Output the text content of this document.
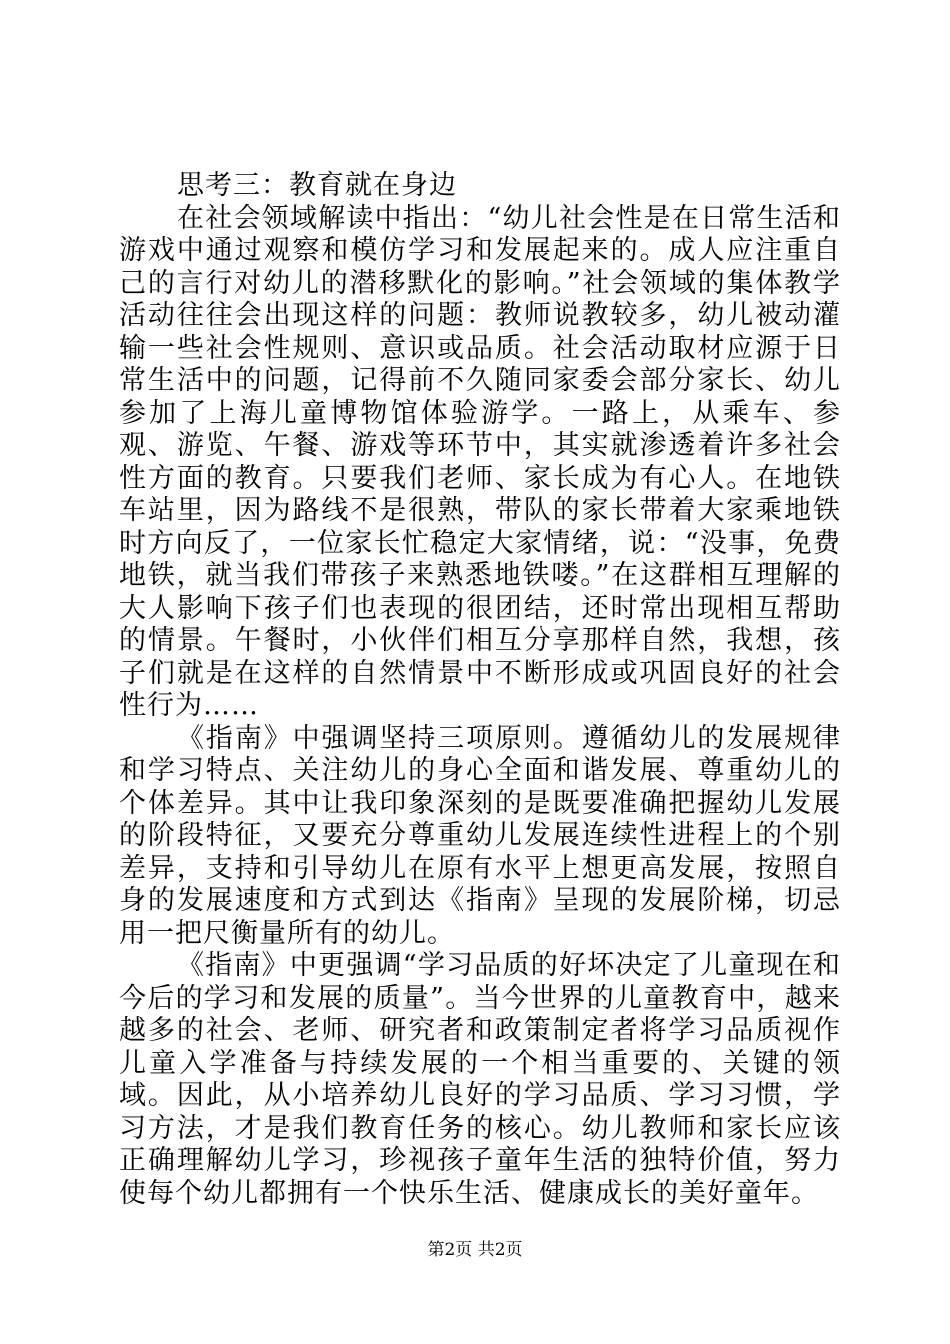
思考三：教育就在身边

在社会领域解读中指出：“幼儿社会性是在日常生活和游戏中通过观察和模仿学习和发展起来的。成人应注重自己的言行对幼儿的潜移默化的影响。”社会领域的集体教学活动往往会出现这样的问题：教师说教较多，幼儿被动灌输一些社会性规则、意识或品质。社会活动取材应源于日常生活中的问题，记得前不久随同家委会部分家长、幼儿参加了上海儿童博物馆体验游学。一路上，从乘车、参观、游览、午餐、游戏等环节中，其实就渗透着许多社会性方面的教育。只要我们老师、家长成为有心人。在地铁车站里，因为路线不是很熟，带队的家长带着大家乘地铁时方向反了，一位家长忙稳定大家情绪，说：“没事，免费地铁，就当我们带孩子来熟悉地铁喽。”在这群相互理解的大人影响下孩子们也表现的很团结，还时常出现相互帮助的情景。午餐时，小伙伴们相互分享那样自然，我想，孩子们就是在这样的自然情景中不断形成或巩固良好的社会性行为……

《指南》中强调坚持三项原则。遵循幼儿的发展规律和学习特点、关注幼儿的身心全面和谐发展、尊重幼儿的个体差异。其中让我印象深刻的是既要准确把握幼儿发展的阶段特征，又要充分尊重幼儿发展连续性进程上的个别差异，支持和引导幼儿在原有水平上想更高发展，按照自身的发展速度和方式到达《指南》呈现的发展阶梯，切忌用一把尺衡量所有的幼儿。

《指南》中更强调“学习品质的好坏决定了儿童现在和今后的学习和发展的质量”。当今世界的儿童教育中，越来越多的社会、老师、研究者和政策制定者将学习品质视作儿童入学准备与持续发展的一个相当重要的、关键的领域。因此，从小培养幼儿良好的学习品质、学习习惯，学习方法，才是我们教育任务的核心。幼儿教师和家长应该正确理解幼儿学习，珍视孩子童年生活的独特价值，努力使每个幼儿都拥有一个快乐生活、健康成长的美好童年。

第2页 共2页
